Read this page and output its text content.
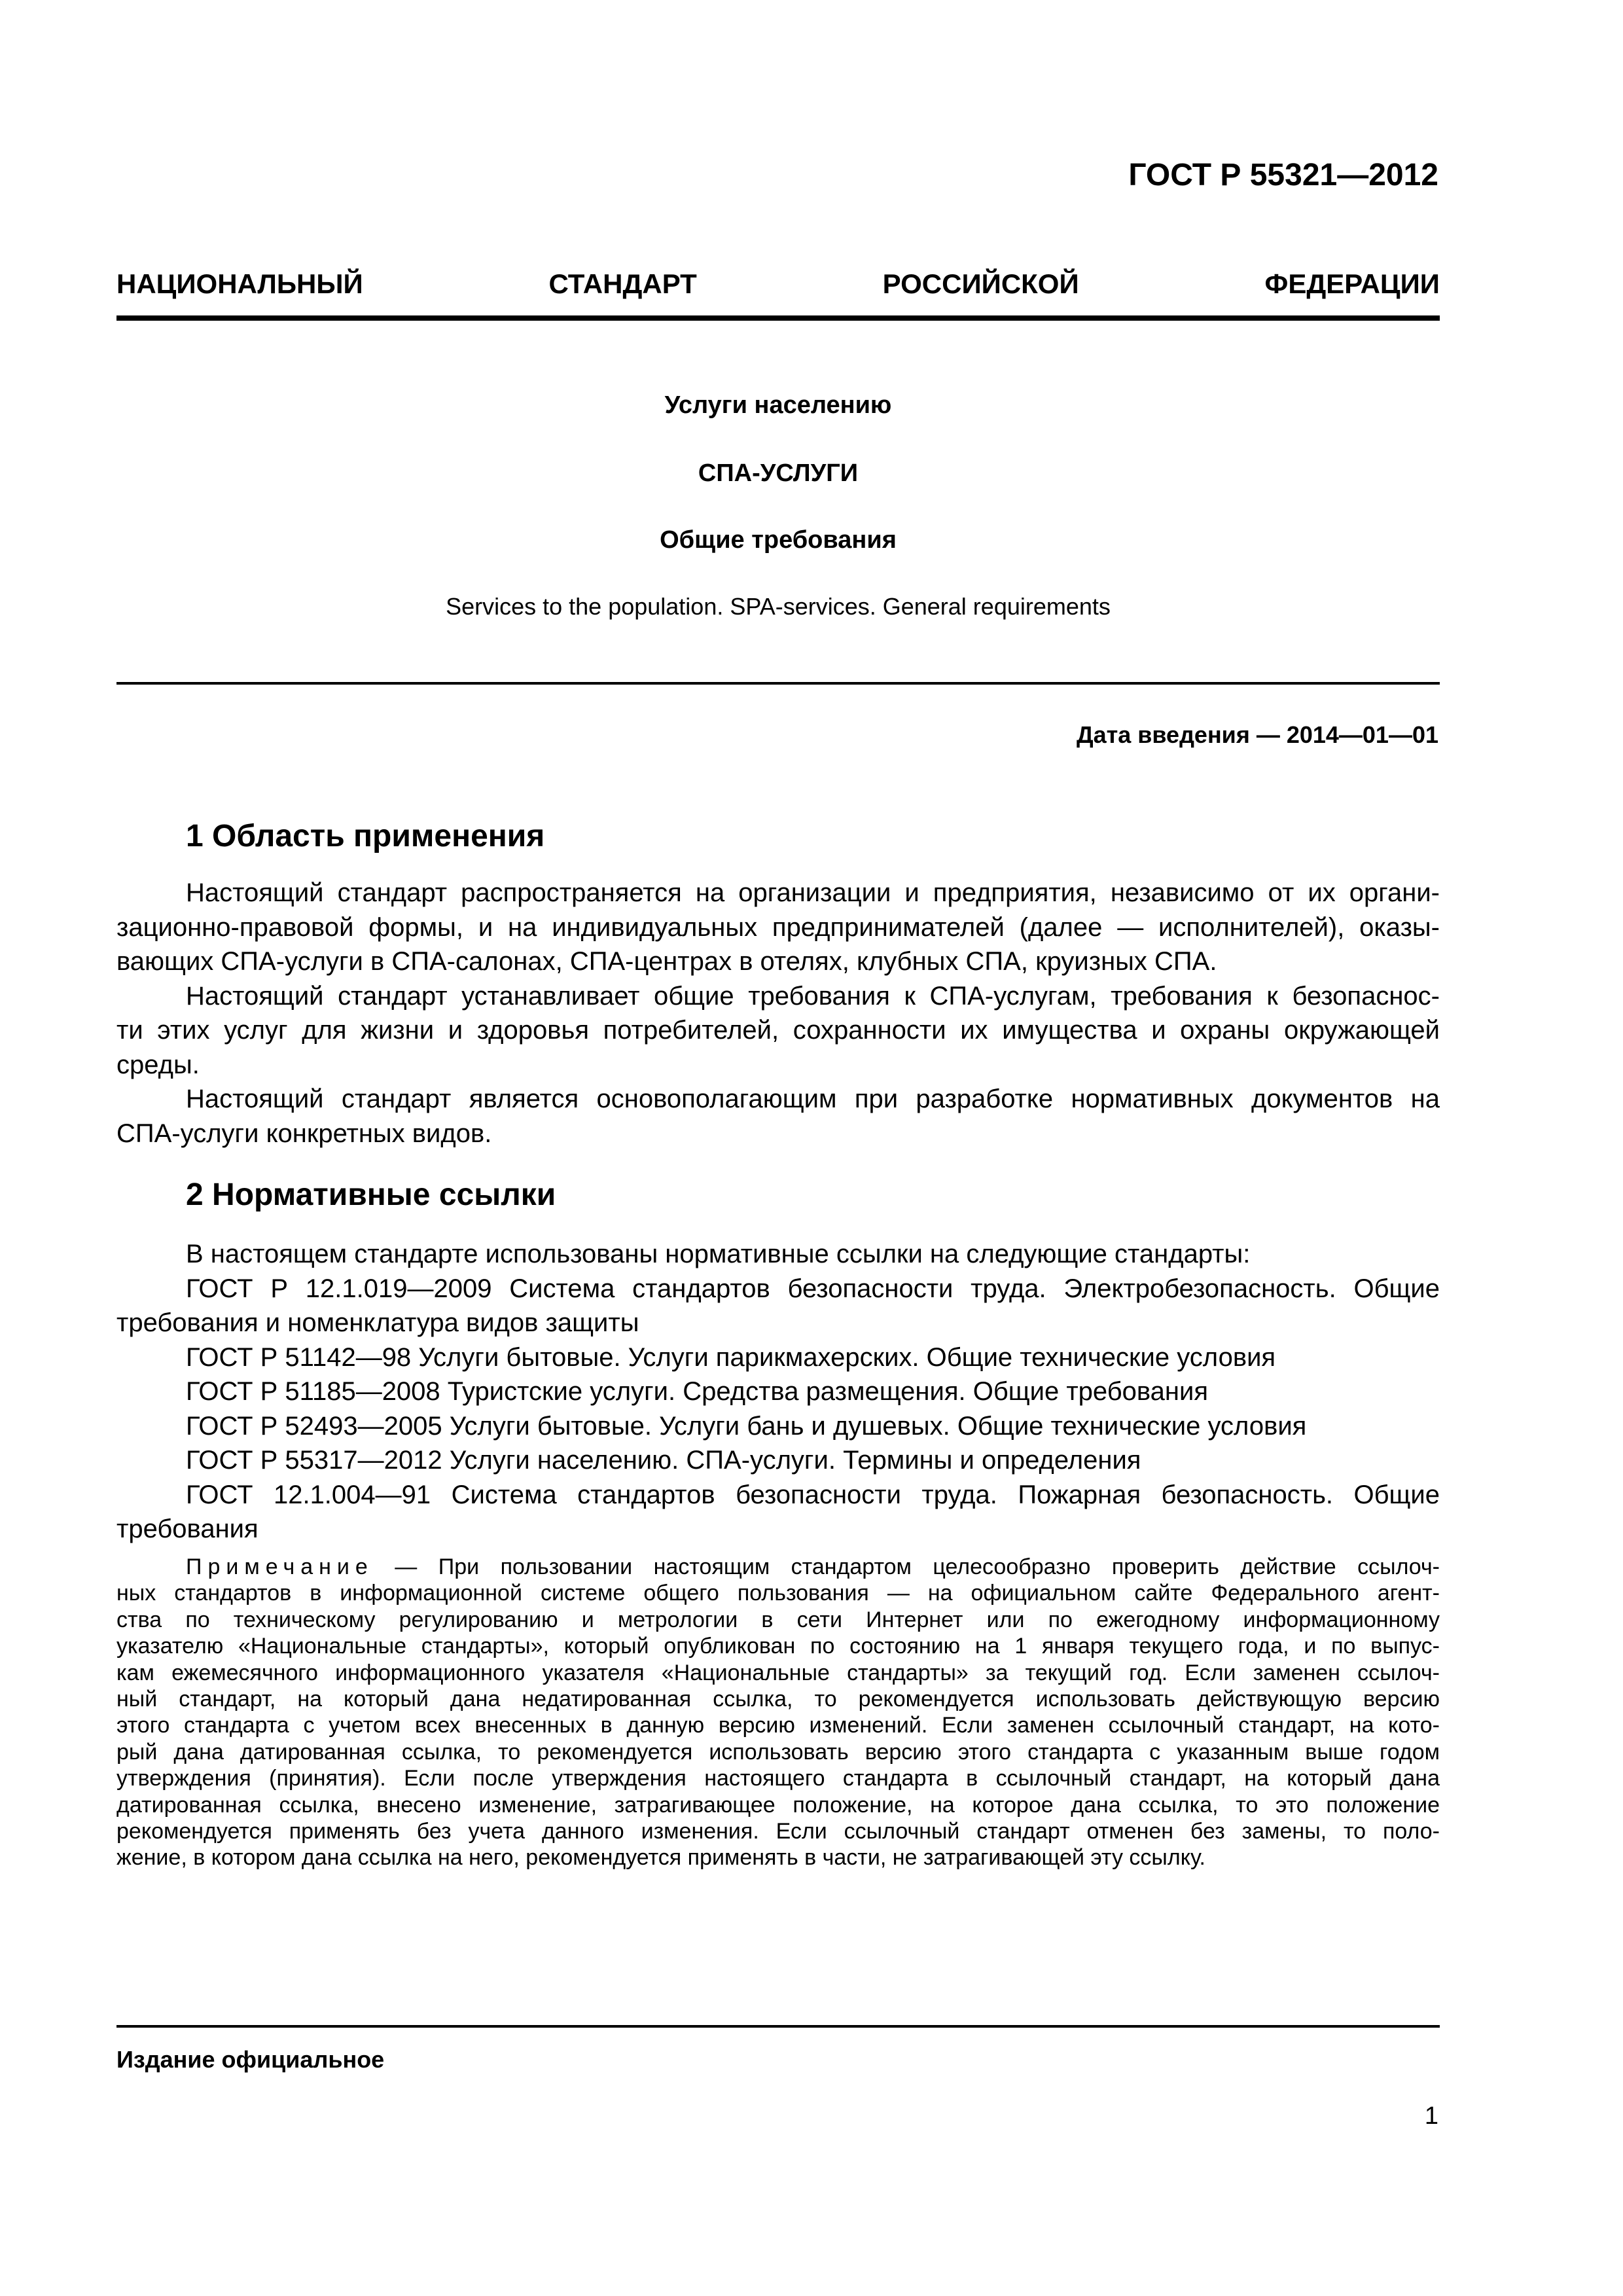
ГОСТ Р 55321—2012

НАЦИОНАЛЬНЫЙ СТАНДАРТ РОССИЙСКОЙ ФЕДЕРАЦИИ

Услуги населению

СПА-УСЛУГИ

Общие требования

Services to the population. SPA-services. General requirements

Дата введения — 2014—01—01

1 Область применения
Настоящий стандарт распространяется на организации и предприятия, независимо от их органи-
зационно-правовой формы, и на индивидуальных предпринимателей (далее — исполнителей), оказы-
вающих СПА-услуги в СПА-салонах, СПА-центрах в отелях, клубных СПА, круизных СПА.
Настоящий стандарт устанавливает общие требования к СПА-услугам, требования к безопаснос-
ти этих услуг для жизни и здоровья потребителей, сохранности их имущества и охраны окружающей
среды.
Настоящий стандарт является основополагающим при разработке нормативных документов на
СПА-услуги конкретных видов.
2 Нормативные ссылки
В настоящем стандарте использованы нормативные ссылки на следующие стандарты:
ГОСТ Р 12.1.019—2009 Система стандартов безопасности труда. Электробезопасность. Общие
требования и номенклатура видов защиты
ГОСТ Р 51142—98 Услуги бытовые. Услуги парикмахерских. Общие технические условия
ГОСТ Р 51185—2008 Туристские услуги. Средства размещения. Общие требования
ГОСТ Р 52493—2005 Услуги бытовые. Услуги бань и душевых. Общие технические условия
ГОСТ Р 55317—2012 Услуги населению. СПА-услуги. Термины и определения
ГОСТ 12.1.004—91 Система стандартов безопасности труда. Пожарная безопасность. Общие
требования
Примечание — При пользовании настоящим стандартом целесообразно проверить действие ссылоч-
ных стандартов в информационной системе общего пользования — на официальном сайте Федерального агент-
ства по техническому регулированию и метрологии в сети Интернет или по ежегодному информационному
указателю «Национальные стандарты», который опубликован по состоянию на 1 января текущего года, и по выпус-
кам ежемесячного информационного указателя «Национальные стандарты» за текущий год. Если заменен ссылоч-
ный стандарт, на который дана недатированная ссылка, то рекомендуется использовать действующую версию
этого стандарта с учетом всех внесенных в данную версию изменений. Если заменен ссылочный стандарт, на кото-
рый дана датированная ссылка, то рекомендуется использовать версию этого стандарта с указанным выше годом
утверждения (принятия). Если после утверждения настоящего стандарта в ссылочный стандарт, на который дана
датированная ссылка, внесено изменение, затрагивающее положение, на которое дана ссылка, то это положение
рекомендуется применять без учета данного изменения. Если ссылочный стандарт отменен без замены, то поло-
жение, в котором дана ссылка на него, рекомендуется применять в части, не затрагивающей эту ссылку.

Издание официальное

1
